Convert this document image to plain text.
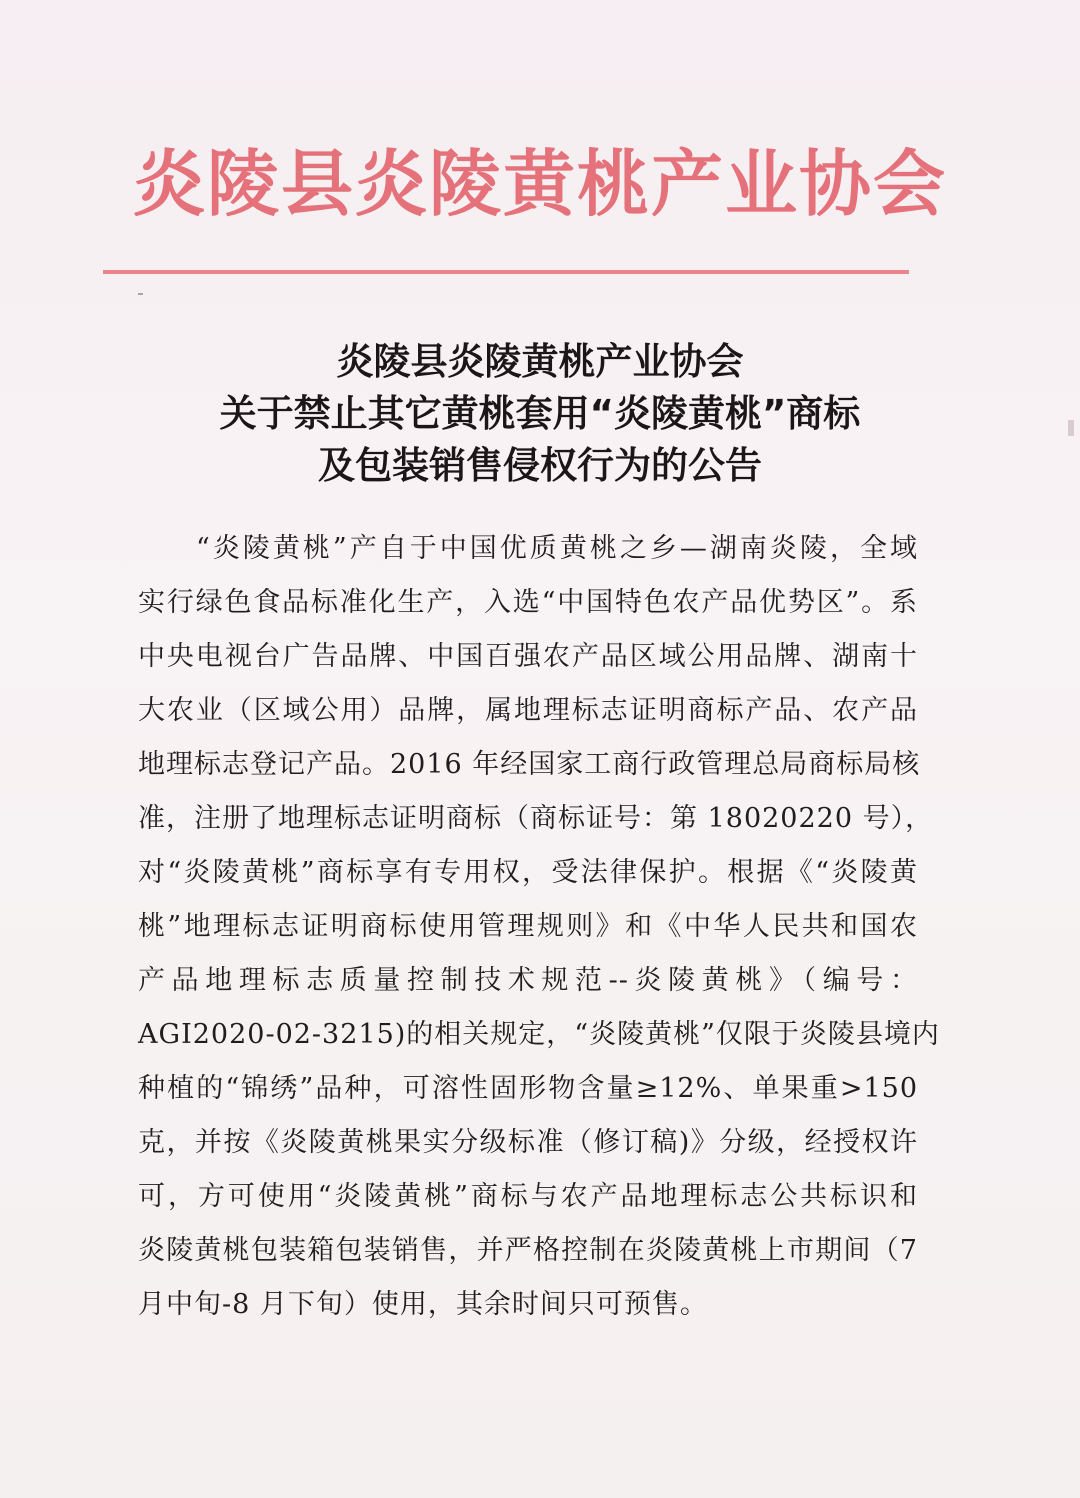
炎陵县炎陵黄桃产业协会
炎陵县炎陵黄桃产业协会
关于禁止其它黄桃套用“炎陵黄桃”商标
及包装销售侵权行为的公告
“炎陵黄桃”产自于中国优质黄桃之乡—湖南炎陵，全域
实行绿色食品标准化生产，入选“中国特色农产品优势区”。系
中央电视台广告品牌、中国百强农产品区域公用品牌、湖南十
大农业（区域公用）品牌，属地理标志证明商标产品、农产品
地理标志登记产品。2016 年经国家工商行政管理总局商标局核
准，注册了地理标志证明商标（商标证号：第 18020220 号），
对“炎陵黄桃”商标享有专用权，受法律保护。根据《“炎陵黄
桃”地理标志证明商标使用管理规则》和《中华人民共和国农
产品地理标志质量控制技术规范--炎陵黄桃》（编号：
AGI2020-02-3215)的相关规定，“炎陵黄桃”仅限于炎陵县境内
种植的“锦绣”品种，可溶性固形物含量≥12%、单果重>150
克，并按《炎陵黄桃果实分级标准（修订稿)》分级，经授权许
可，方可使用“炎陵黄桃”商标与农产品地理标志公共标识和
炎陵黄桃包装箱包装销售，并严格控制在炎陵黄桃上市期间（7
月中旬-8 月下旬）使用，其余时间只可预售。
